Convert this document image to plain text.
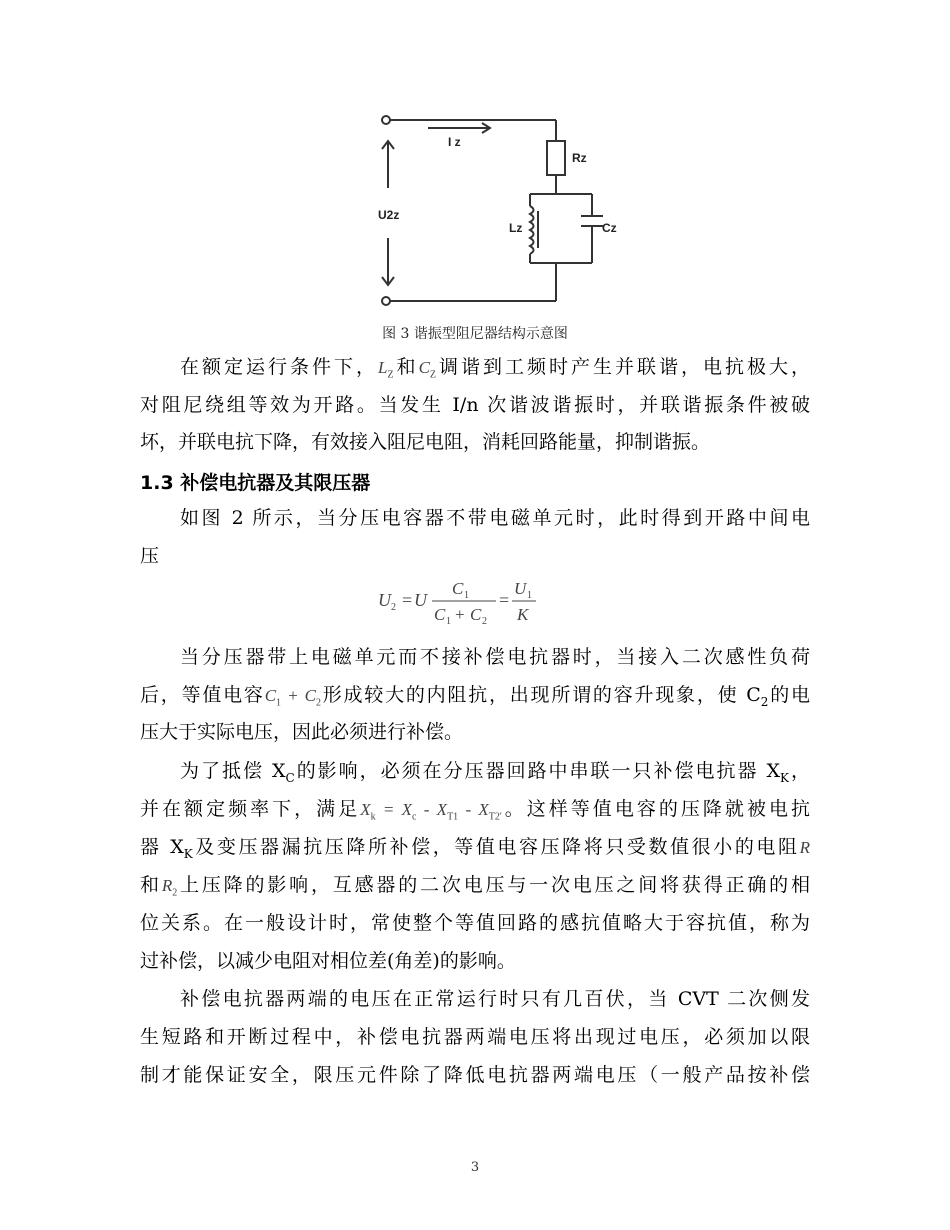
I z
Rz
U2z
Lz	Cz
图 3 谐振型阻尼器结构示意图
在额定运行条件下，$L_Z$和$C_Z$调谐到工频时产生并联谐，电抗极大，
对阻尼绕组等效为开路。当发生 I/n 次谐波谐振时，并联谐振条件被破
坏，并联电抗下降，有效接入阻尼电阻，消耗回路能量，抑制谐振。
1.3 补偿电抗器及其限压器
如图 2 所示，当分压电容器不带电磁单元时，此时得到开路中间电
压
U 2 = U
C 1
C 1 + C 2
=
U 1
K
当分压器带上电磁单元而不接补偿电抗器时，当接入二次感性负荷
后，等值电容$C_1 + C_2$形成较大的内阻抗，出现所谓的容升现象，使 $C_2$的电
压大于实际电压，因此必须进行补偿。
为了抵偿 $X_C$的影响，必须在分压器回路中串联一只补偿电抗器 $X_K$，
并在额定频率下，满足$X_k = X_c - X_{T1} - X_{T2'}$。这样等值电容的压降就被电抗
器 $X_K$及变压器漏抗压降所补偿，等值电容压降将只受数值很小的电阻R
和$R_2$上压降的影响，互感器的二次电压与一次电压之间将获得正确的相
位关系。在一般设计时，常使整个等值回路的感抗值略大于容抗值，称为
过补偿，以减少电阻对相位差(角差)的影响。
补偿电抗器两端的电压在正常运行时只有几百伏，当 CVT 二次侧发
生短路和开断过程中，补偿电抗器两端电压将出现过电压，必须加以限
制才能保证安全，限压元件除了降低电抗器两端电压（一般产品按补偿
3
